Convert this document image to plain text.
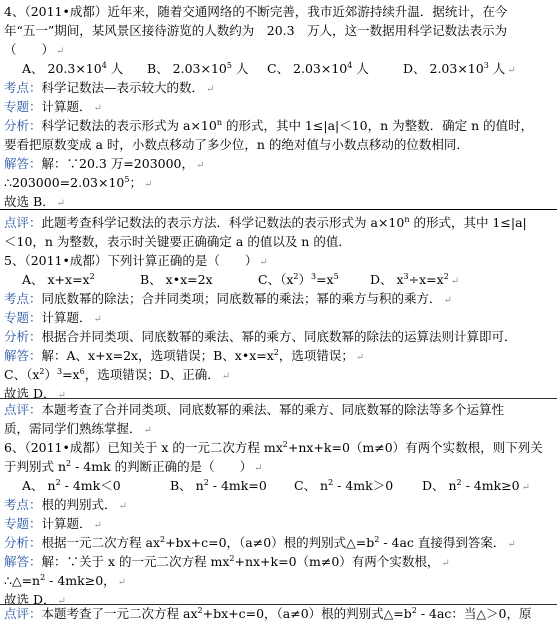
4、（2011•成都）近年来，随着交通网络的不断完善，我市近郊游持续升温．据统计，在今
年“五一”期间，某风景区接待游览的人数约为　20.3　万人，这一数据用科学记数法表示为
（　　） ↵
A、 $20.3\times 10^4$ 人 B、 $2.03\times 10^5$ 人 C、 $2.03\times 10^4$ 人	D、 $2.03\times 10^3$ 人 ↵
考点：科学记数法—表示较大的数． ↵
专题：计算题． ↵
分析：科学记数法的表示形式为 $a\times 10^n$ 的形式，其中 1≤|a|＜10，n 为整数．确定 n 的值时，
要看把原数变成 a 时，小数点移动了多少位，n 的绝对值与小数点移动的位数相同．
解答：解：∵20.3 万=203000， ↵
$\therefore 203000=2.03\times 10^5$； ↵
故选 B． ↵
点评：此题考查科学记数法的表示方法．科学记数法的表示形式为 $a\times 10^n$ 的形式，其中 1≤|a|
＜10，n 为整数，表示时关键要正确确定 a 的值以及 n 的值．
5、（2011•成都）下列计算正确的是（　　） ↵
A、 $x+x=x^2$	B、 x•x=2x	C、$(x^2)^3=x^5$	D、 $x^3\div x=x^2$ ↵
考点：同底数幂的除法；合并同类项；同底数幂的乘法；幂的乘方与积的乘方． ↵
专题：计算题． ↵
分析：根据合并同类项、同底数幂的乘法、幂的乘方、同底数幂的除法的运算法则计算即可．
解答：解：A、x+x=2x，选项错误；B、$x•x=x^2$，选项错误； ↵
C、$(x^2)^3=x^6$，选项错误；D、正确． ↵
故选 D． ↵
点评：本题考查了合并同类项、同底数幂的乘法、幂的乘方、同底数幂的除法等多个运算性
质，需同学们熟练掌握． ↵
6、（2011•成都）已知关于 x 的一元二次方程 $mx^2+nx+k=0(m\ne 0)$有两个实数根，则下列关
于判别式 $n^2 - 4mk$ 的判断正确的是（　　） ↵
A、 $n^2 - 4mk<0$	B、 $n^2 - 4mk=0$ C、 $n^2 - 4mk>0$ D、 $n^2 - 4mk\ge 0$ ↵
考点：根的判别式． ↵
专题：计算题． ↵
分析：根据一元二次方程 $ax^2+bx+c=0$，（a≠0）根的判别式$\triangle=b^2 - 4ac$ 直接得到答案． ↵
解答：解：∵关于 x 的一元二次方程 $mx^2+nx+k=0(m\ne 0)$有两个实数根， ↵
$\therefore\triangle=n^2 - 4mk\ge 0$， ↵
故选 D． ↵
点评：本题考查了一元二次方程 $ax^2+bx+c=0$，（a≠0）根的判别式$\triangle=b^2 - 4ac$：当△＞0，原
